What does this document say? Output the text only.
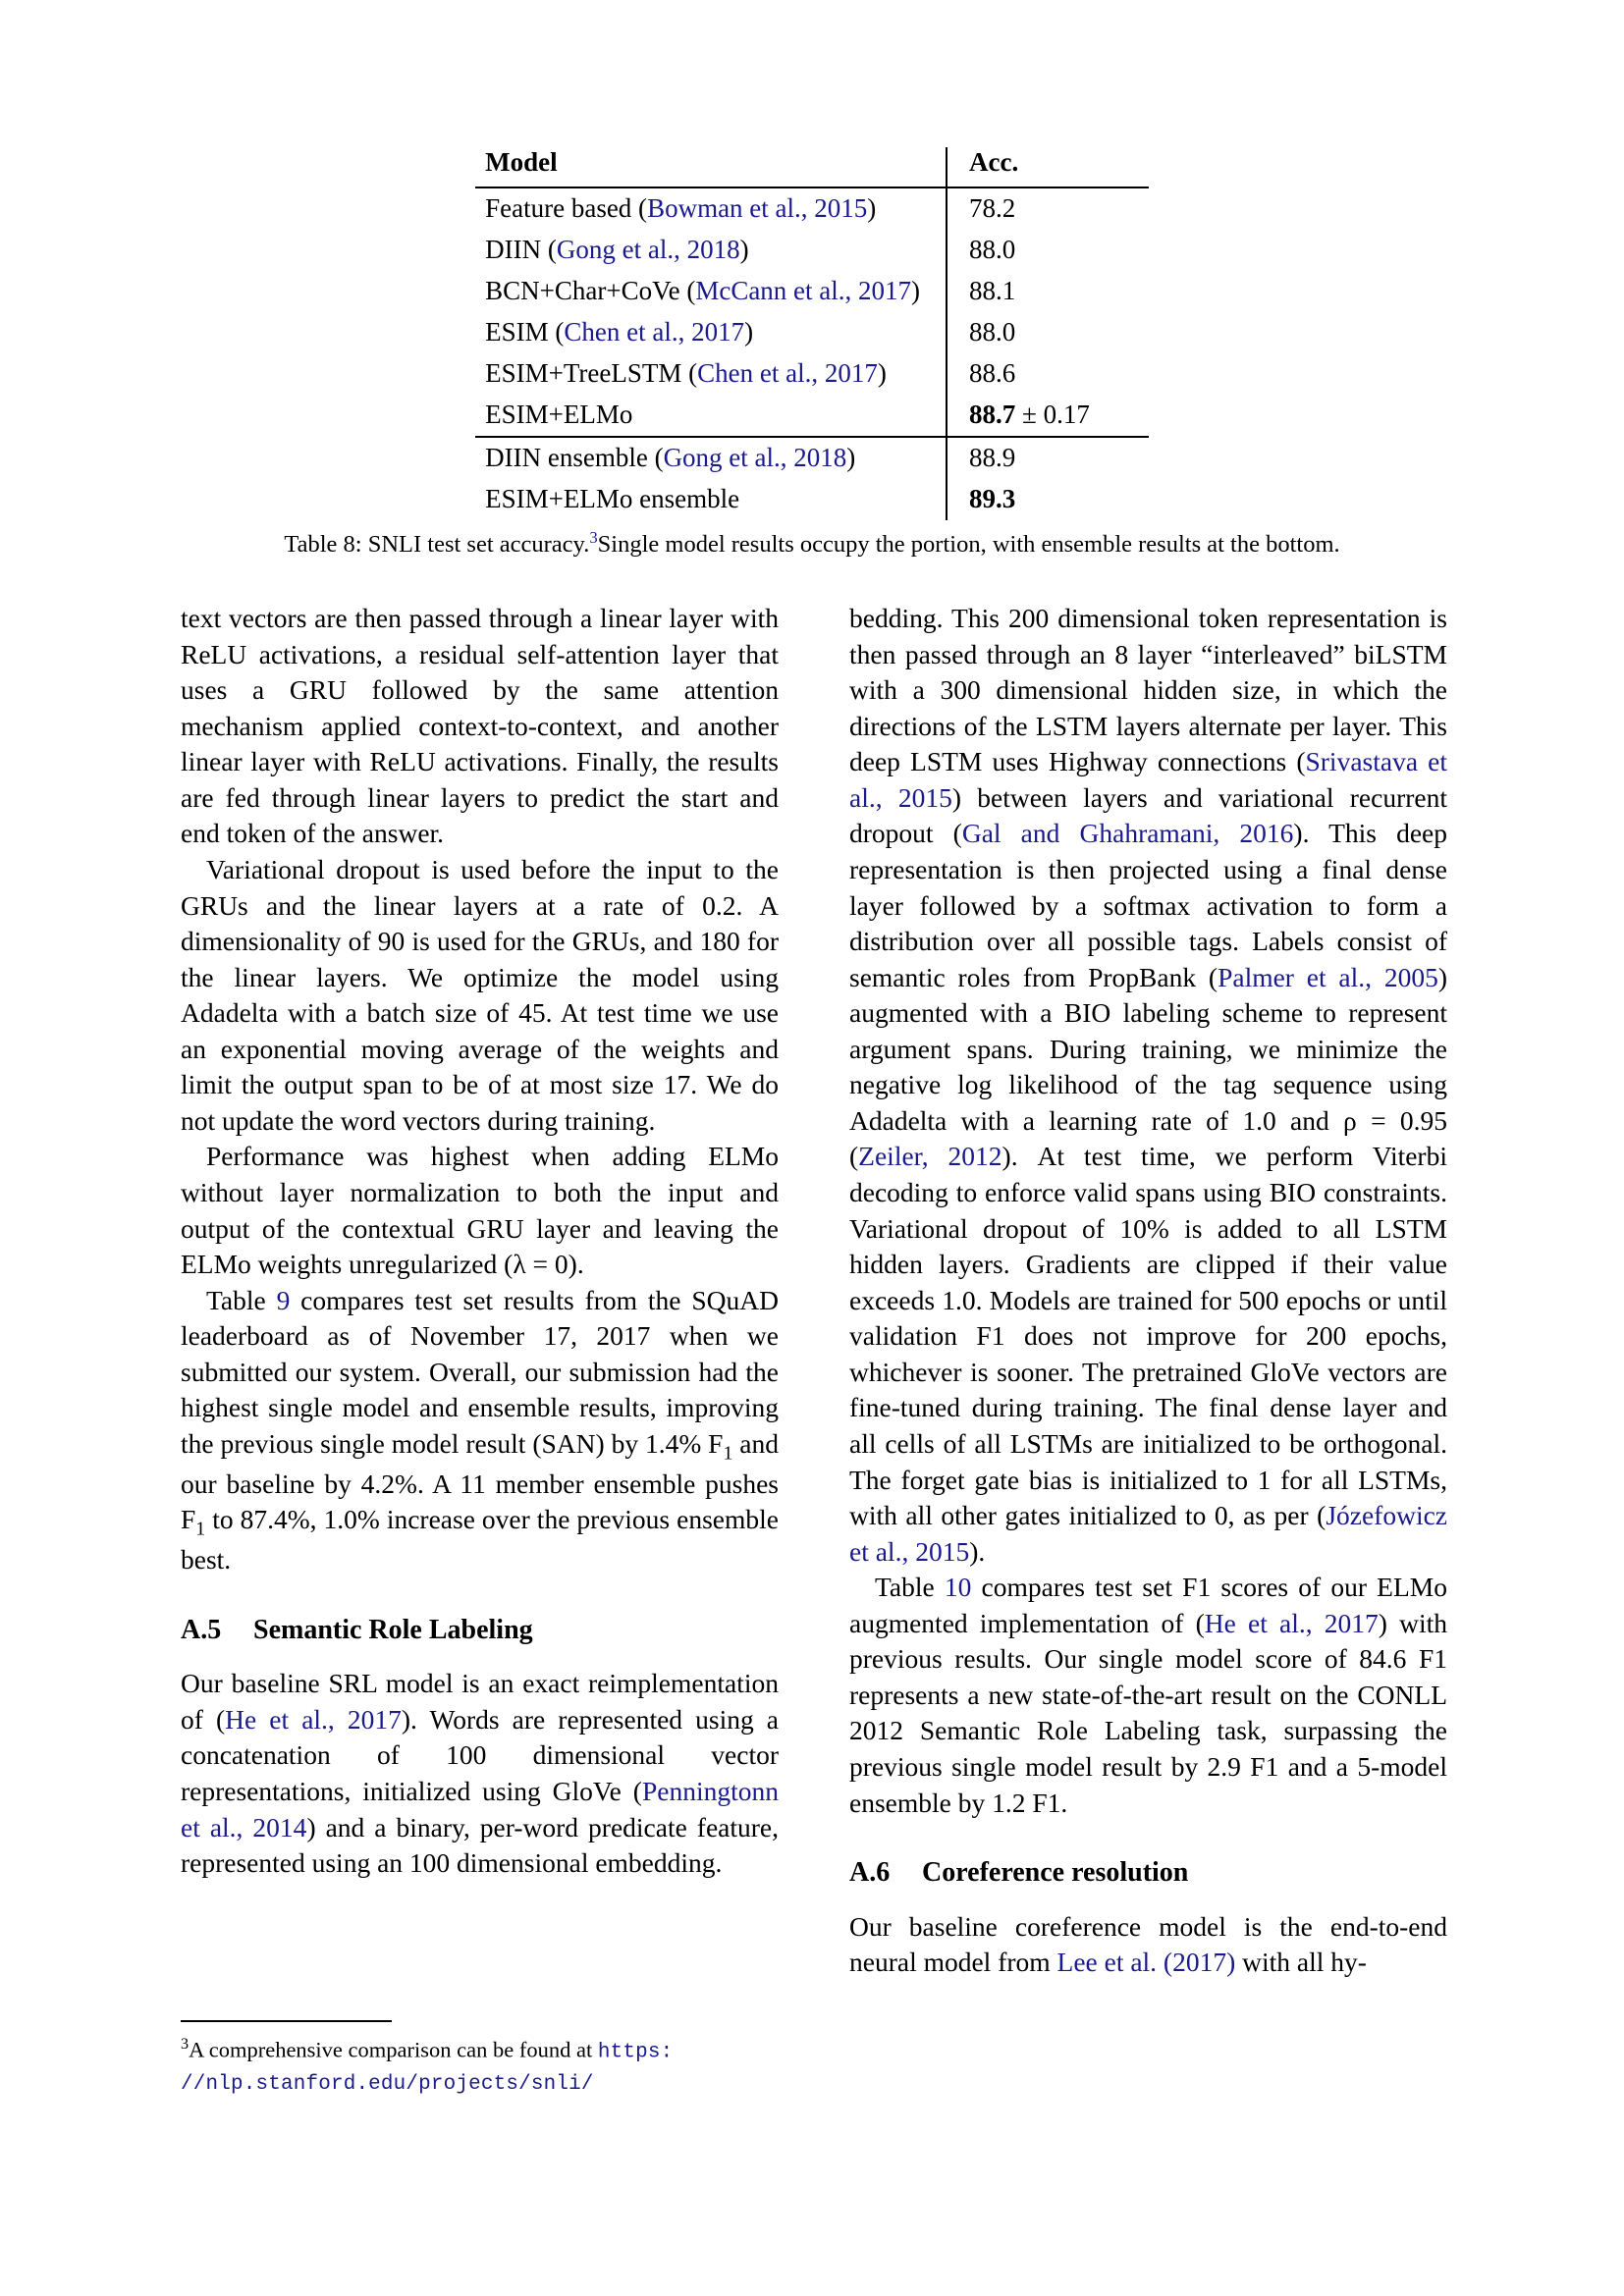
Model	Acc.

Feature based (Bowman et al., 2015)	78.2
DIIN (Gong et al., 2018)	88.0
BCN+Char+CoVe (McCann et al., 2017)	88.1
ESIM (Chen et al., 2017)	88.0
ESIM+TreeLSTM (Chen et al., 2017)	88.6
ESIM+ELMo	88.7 ± 0.17
DIIN ensemble (Gong et al., 2018)	88.9
ESIM+ELMo ensemble	89.3
Table 8: SNLI test set accuracy.$^3$Single model results occupy the portion, with ensemble results at the bottom.

text vectors are then passed through a linear layer with ReLU activations, a residual self-attention layer that uses a GRU followed by the same attention mechanism applied context-to-context, and another linear layer with ReLU activations. Finally, the results are fed through linear layers to predict the start and end token of the answer.

Variational dropout is used before the input to the GRUs and the linear layers at a rate of 0.2. A dimensionality of 90 is used for the GRUs, and 180 for the linear layers. We optimize the model using Adadelta with a batch size of 45. At test time we use an exponential moving average of the weights and limit the output span to be of at most size 17. We do not update the word vectors during training.

Performance was highest when adding ELMo without layer normalization to both the input and output of the contextual GRU layer and leaving the ELMo weights unregularized (λ = 0).

Table 9 compares test set results from the SQuAD leaderboard as of November 17, 2017 when we submitted our system. Overall, our submission had the highest single model and ensemble results, improving the previous single model result (SAN) by 1.4% $F_1$ and our baseline by 4.2%. A 11 member ensemble pushes $F_1$ to 87.4%, 1.0% increase over the previous ensemble best.

A.5 Semantic Role Labeling

Our baseline SRL model is an exact reimplementation of (He et al., 2017). Words are represented using a concatenation of 100 dimensional vector representations, initialized using GloVe (Penningtonn et al., 2014) and a binary, per-word predicate feature, represented using an 100 dimensional embedding.

bedding. This 200 dimensional token representation is then passed through an 8 layer “interleaved” biLSTM with a 300 dimensional hidden size, in which the directions of the LSTM layers alternate per layer. This deep LSTM uses Highway connections (Srivastava et al., 2015) between layers and variational recurrent dropout (Gal and Ghahramani, 2016). This deep representation is then projected using a final dense layer followed by a softmax activation to form a distribution over all possible tags. Labels consist of semantic roles from PropBank (Palmer et al., 2005) augmented with a BIO labeling scheme to represent argument spans. During training, we minimize the negative log likelihood of the tag sequence using Adadelta with a learning rate of 1.0 and ρ = 0.95 (Zeiler, 2012). At test time, we perform Viterbi decoding to enforce valid spans using BIO constraints. Variational dropout of 10% is added to all LSTM hidden layers. Gradients are clipped if their value exceeds 1.0. Models are trained for 500 epochs or until validation F1 does not improve for 200 epochs, whichever is sooner. The pretrained GloVe vectors are fine-tuned during training. The final dense layer and all cells of all LSTMs are initialized to be orthogonal. The forget gate bias is initialized to 1 for all LSTMs, with all other gates initialized to 0, as per (Józefowicz et al., 2015).

Table 10 compares test set F1 scores of our ELMo augmented implementation of (He et al., 2017) with previous results. Our single model score of 84.6 F1 represents a new state-of-the-art result on the CONLL 2012 Semantic Role Labeling task, surpassing the previous single model result by 2.9 F1 and a 5-model ensemble by 1.2 F1.

A.6 Coreference resolution

Our baseline coreference model is the end-to-end neural model from Lee et al. (2017) with all hy-

$^3$A comprehensive comparison can be found at https:
//nlp.stanford.edu/projects/snli/
